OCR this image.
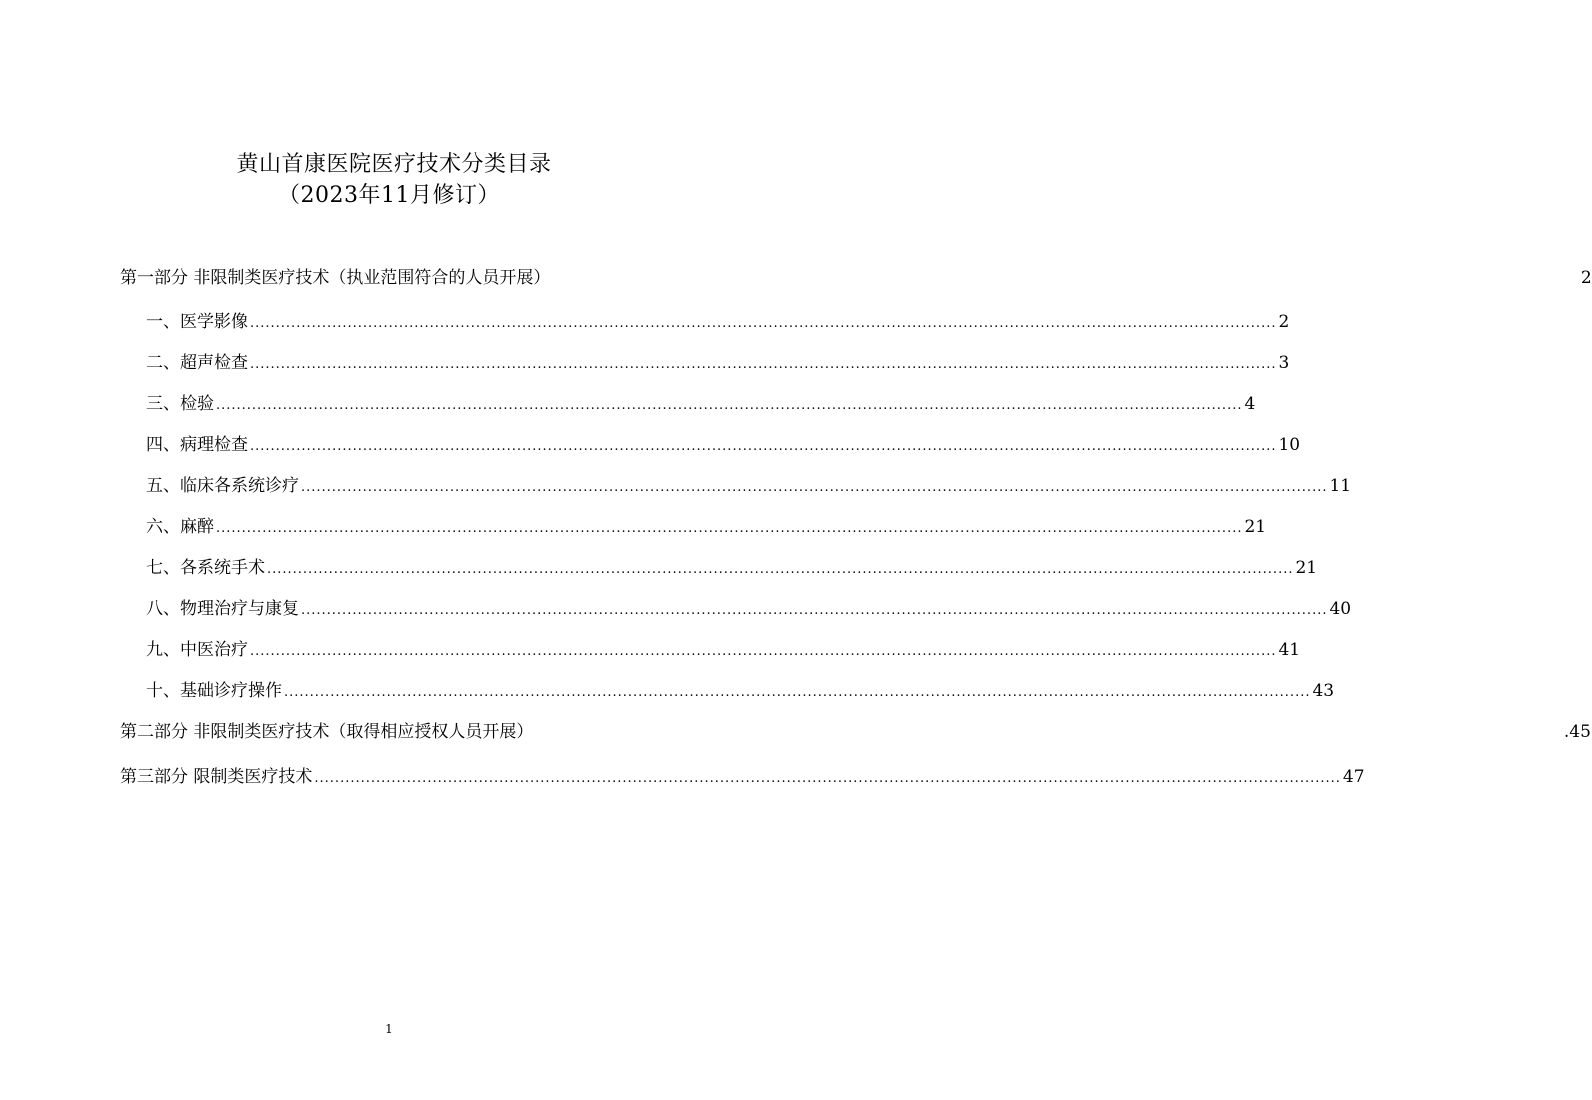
黄山首康医院医疗技术分类目录
（2023年11月修订）
第一部分 非限制类医疗技术（执业范围符合的人员开展）	2
一、医学影像 ........................................................................................................................................................................................................ 2
二、超声检查 ........................................................................................................................................................................................................ 3
三、检验 ........................................................................................................................................................................................................ 4
四、病理检查 ........................................................................................................................................................................................................ 10
五、临床各系统诊疗 ........................................................................................................................................................................................................ 11
六、麻醉 ........................................................................................................................................................................................................ 21
七、各系统手术 ........................................................................................................................................................................................................ 21
八、物理治疗与康复 ........................................................................................................................................................................................................ 40
九、中医治疗 ........................................................................................................................................................................................................ 41
十、基础诊疗操作 ........................................................................................................................................................................................................ 43
第二部分 非限制类医疗技术（取得相应授权人员开展）	.45
第三部分 限制类医疗技术 ........................................................................................................................................................................................................ 47
1
